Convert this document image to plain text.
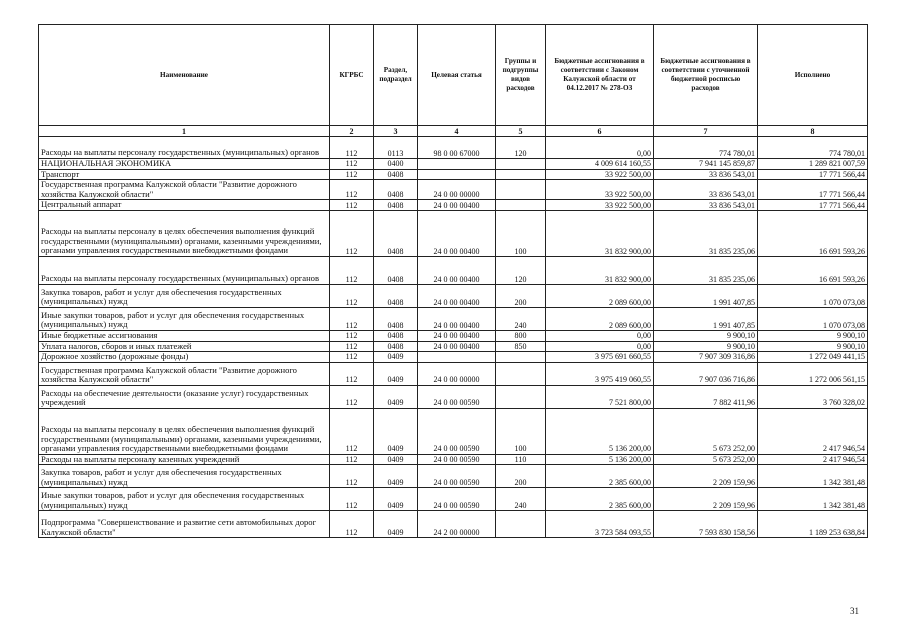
Наименование	КГРБС	Раздел, подраздел	Целевая статья	Группы и подгруппы видов расходов	Бюджетные ассигнования в соответствии с Законом Калужской области от 04.12.2017 № 278-ОЗ	Бюджетные ассигнования в соответствии с уточненной бюджетной росписью расходов	Исполнено
1	2	3	4	5	6	7	8
Расходы на выплаты персоналу государственных (муниципальных) органов	112	0113	98 0 00 67000	120	0,00	774 780,01	774 780,01
НАЦИОНАЛЬНАЯ ЭКОНОМИКА	112	0400			4 009 614 160,55	7 941 145 859,87	1 289 821 007,59
Транспорт	112	0408			33 922 500,00	33 836 543,01	17 771 566,44
Государственная программа Калужской области "Развитие дорожного хозяйства Калужской области"	112	0408	24 0 00 00000		33 922 500,00	33 836 543,01	17 771 566,44
Центральный аппарат	112	0408	24 0 00 00400		33 922 500,00	33 836 543,01	17 771 566,44
Расходы на выплаты персоналу в целях обеспечения выполнения функций государственными (муниципальными) органами, казенными учреждениями, органами управления государственными внебюджетными фондами	112	0408	24 0 00 00400	100	31 832 900,00	31 835 235,06	16 691 593,26
Расходы на выплаты персоналу государственных (муниципальных) органов	112	0408	24 0 00 00400	120	31 832 900,00	31 835 235,06	16 691 593,26
Закупка товаров, работ и услуг для обеспечения государственных (муниципальных) нужд	112	0408	24 0 00 00400	200	2 089 600,00	1 991 407,85	1 070 073,08
Иные закупки товаров, работ и услуг для обеспечения государственных (муниципальных) нужд	112	0408	24 0 00 00400	240	2 089 600,00	1 991 407,85	1 070 073,08
Иные бюджетные ассигнования	112	0408	24 0 00 00400	800	0,00	9 900,10	9 900,10
Уплата налогов, сборов и иных платежей	112	0408	24 0 00 00400	850	0,00	9 900,10	9 900,10
Дорожное хозяйство (дорожные фонды)	112	0409			3 975 691 660,55	7 907 309 316,86	1 272 049 441,15
Государственная программа Калужской области "Развитие дорожного хозяйства Калужской области"	112	0409	24 0 00 00000		3 975 419 060,55	7 907 036 716,86	1 272 006 561,15
Расходы на обеспечение деятельности (оказание услуг) государственных учреждений	112	0409	24 0 00 00590		7 521 800,00	7 882 411,96	3 760 328,02
Расходы на выплаты персоналу в целях обеспечения выполнения функций государственными (муниципальными) органами, казенными учреждениями, органами управления государственными внебюджетными фондами	112	0409	24 0 00 00590	100	5 136 200,00	5 673 252,00	2 417 946,54
Расходы на выплаты персоналу казенных учреждений	112	0409	24 0 00 00590	110	5 136 200,00	5 673 252,00	2 417 946,54
Закупка товаров, работ и услуг для обеспечения государственных (муниципальных) нужд	112	0409	24 0 00 00590	200	2 385 600,00	2 209 159,96	1 342 381,48
Иные закупки товаров, работ и услуг для обеспечения государственных (муниципальных) нужд	112	0409	24 0 00 00590	240	2 385 600,00	2 209 159,96	1 342 381,48
Подпрограмма "Совершенствование и развитие сети автомобильных дорог Калужской области"	112	0409	24 2 00 00000		3 723 584 093,55	7 593 830 158,56	1 189 253 638,84
31
